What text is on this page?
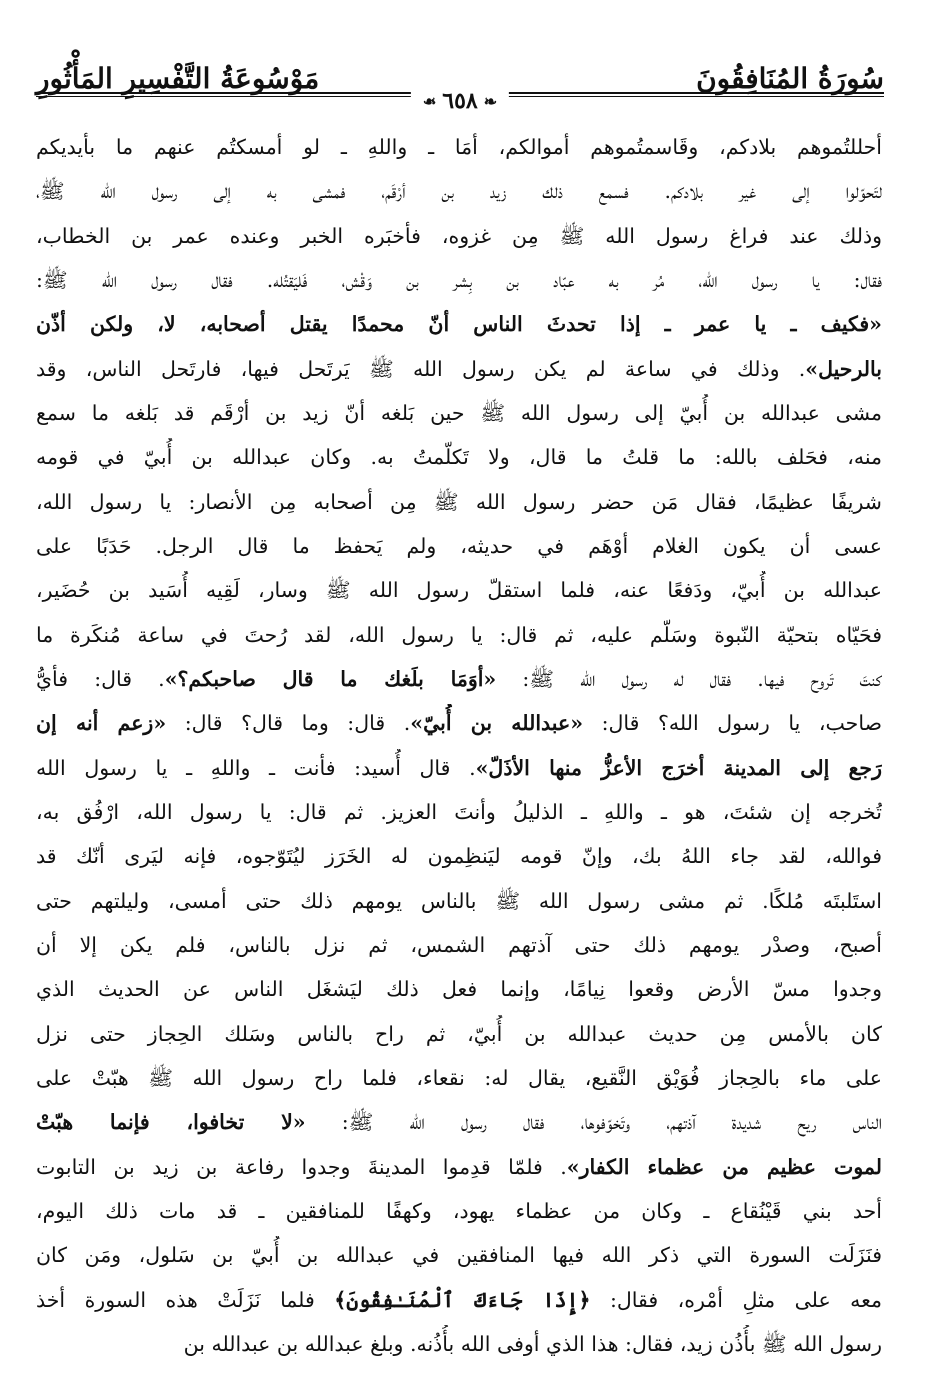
سُورَةُ المُنَافِقُونَ
مَوْسُوعَةُ التَّفْسِيرِ المَأْثُورِ
❧
٦٥٨
❧
أحللتُموهم بلادكم، وقَاسمتُموهم أموالكم، أمَا ـ واللهِ ـ لو أمسكتُم عنهم ما بأيديكم
لتَحوّلوا إلى غير بلادكم. فسمع ذلك زيد بن أرْقَم، فمشى به إلى رسول الله ﷺ،
وذلك عند فراغ رسول الله ﷺ مِن غزوه، فأخبَره الخبر وعنده عمر بن الخطاب،
فقال: يا رسول الله، مُر به عبّاد بن بِشر بن وَقْش، فَليَقتُله. فقال رسول الله ﷺ:
«فكيف ـ يا عمر ـ إذا تحدثَ الناس أنّ محمدًا يقتل أصحابه، لا، ولكن أذّن
بالرحيل». وذلك في ساعة لم يكن رسول الله ﷺ يَرتَحل فيها، فارتَحل الناس، وقد
مشى عبدالله بن أُبيّ إلى رسول الله ﷺ حين بَلغه أنّ زيد بن أرْقَم قد بَلغه ما سمع
منه، فحَلف بالله: ما قلتُ ما قال، ولا تَكلّمتُ به. وكان عبدالله بن أُبيّ في قومه
شريفًا عظيمًا، فقال مَن حضر رسول الله ﷺ مِن أصحابه مِن الأنصار: يا رسول الله،
عسى أن يكون الغلام أوْهَم في حديثه، ولم يَحفظ ما قال الرجل. حَدَبًا على
عبدالله بن أُبيّ، ودَفعًا عنه، فلما استقلّ رسول الله ﷺ وسار، لَقِيه أُسَيد بن حُضَير،
فحَيّاه بتحيّة النّبوة وسَلّم عليه، ثم قال: يا رسول الله، لقد رُحتَ في ساعة مُنكَرة ما
كنتَ تَروح فيها. فقال له رسول الله ﷺ: «أوَمَا بلَغك ما قال صاحبكم؟». قال: فأيُّ
صاحب، يا رسول الله؟ قال: «عبدالله بن أُبيّ». قال: وما قال؟ قال: «زعم أنه إن
رَجع إلى المدينة أخرَج الأعزُّ منها الأذَلّ». قال أُسيد: فأنت ـ واللهِ ـ يا رسول الله
تُخرجه إن شئتَ، هو ـ واللهِ ـ الذليلُ وأنتَ العزيز. ثم قال: يا رسول الله، ارْفُق به،
فوالله، لقد جاء اللهُ بك، وإنّ قومه ليَنظِمون له الخَرَز ليُتَوّجوه، فإنه ليَرى أنّك قد
استَلبتَه مُلكًا. ثم مشى رسول الله ﷺ بالناس يومهم ذلك حتى أمسى، وليلتهم حتى
أصبح، وصدْر يومهم ذلك حتى آذتهم الشمس، ثم نزل بالناس، فلم يكن إلا أن
وجدوا مسّ الأرض وقعوا نِيامًا، وإنما فعل ذلك ليَشغَل الناس عن الحديث الذي
كان بالأمس مِن حديث عبدالله بن أُبيّ، ثم راح بالناس وسَلك الحِجاز حتى نزل
على ماء بالحِجاز فُوَيْق النَّقيع، يقال له: نقعاء، فلما راح رسول الله ﷺ هبّتْ على
الناس ريح شديدة آذتهم، وتَخوّفوها، فقال رسول الله ﷺ: «لا تخافوا، فإنما هبّتْ
لموت عظيم من عظماء الكفار». فلمّا قدِموا المدينةَ وجدوا رفاعة بن زيد بن التابوت
أحد بني قَيْنُقاع ـ وكان من عظماء يهود، وكهفًا للمنافقين ـ قد مات ذلك اليوم،
فنَزَلَت السورة التي ذكر الله فيها المنافقين في عبدالله بن أُبيّ بن سَلول، ومَن كان
معه على مثلِ أمْره، فقال: ﴿إِذَا جَاءَكَ ٱلْمُنَـٰفِقُونَ﴾ فلما نَزَلَتْ هذه السورة أخذ
رسول الله ﷺ بأُذُن زيد، فقال: هذا الذي أوفى الله بأُذُنه. وبلغ عبدالله بن عبدالله بن
